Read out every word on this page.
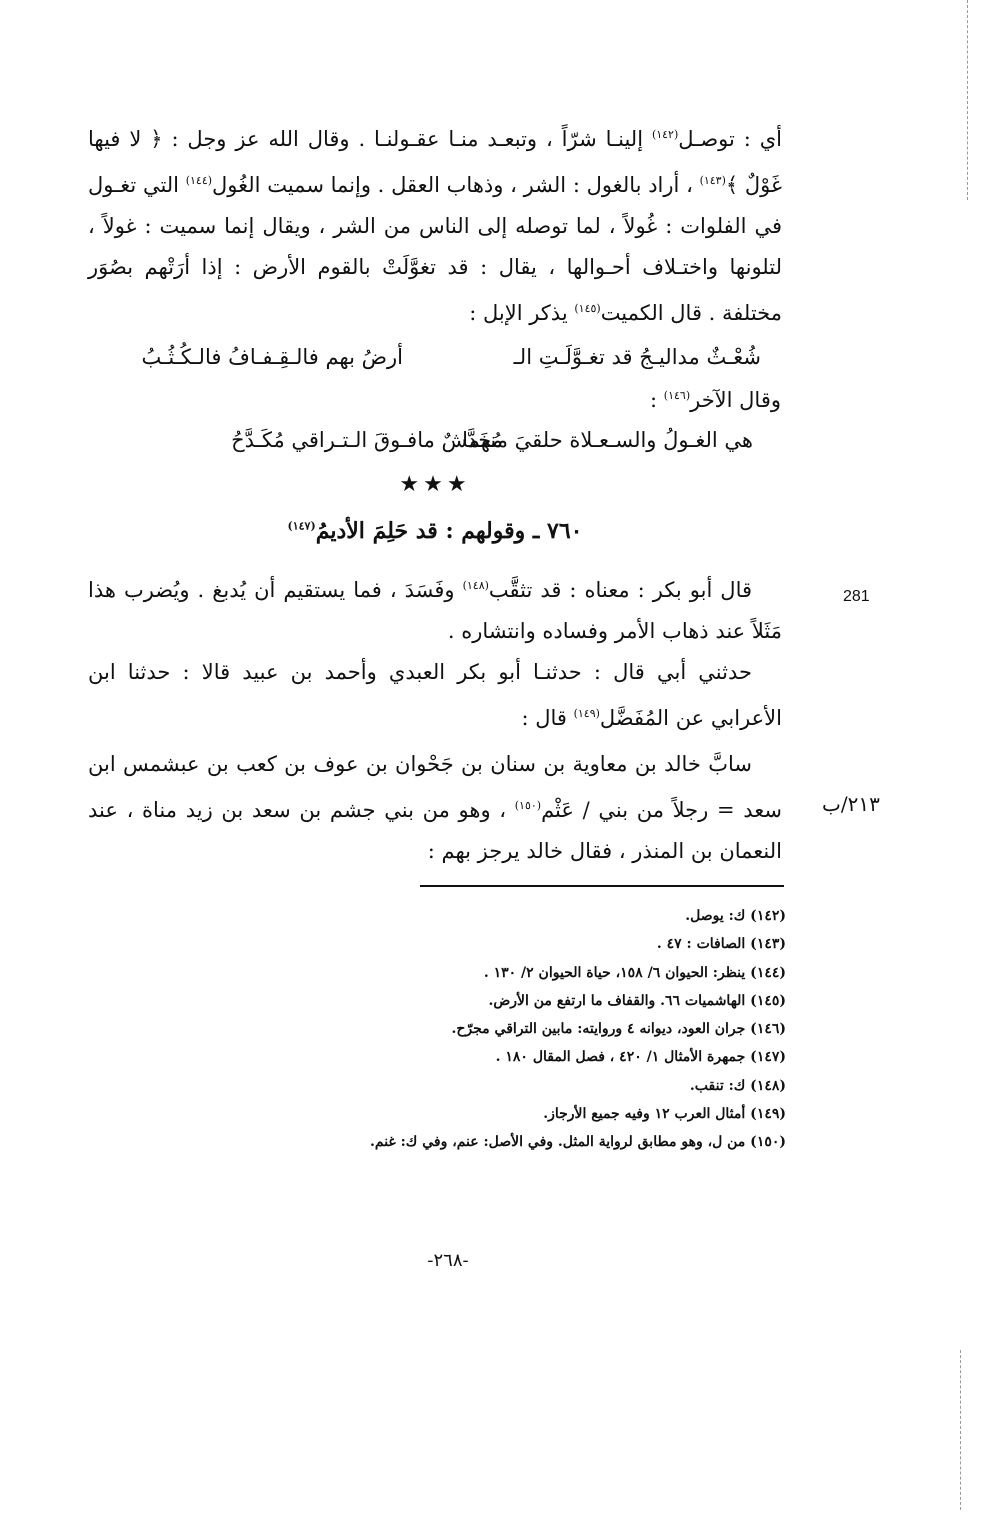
أي : توصـل$^{(١٤٢)}$ إلينـا شرّاً ، وتبعـد منـا عقـولنـا . وقال الله عز وجل : ﴿ لا فيها غَوْلٌ ﴾$^{(١٤٣)}$ ، أراد بالغول : الشر ، وذهاب العقل . وإنما سميت الغُول$^{(١٤٤)}$ التي تغـول في الفلوات : غُولاً ، لما توصله إلى الناس من الشر ، ويقال إنما سميت : غولاً ، لتلونها واختـلاف أحـوالها ، يقال : قد تغوَّلَتْ بالقوم الأرض : إذا أرَتْهم بصُوَر مختلفة . قال الكميت$^{(١٤٥)}$ يذكر الإبل :

شُعْـثٌ مداليـجُ قد تغـوَّلَـتِ الـ
أرضُ بهم فالـقِـفـافُ فالـكُـثُـبُ
وقال الآخر$^{(١٤٦)}$ :
هي الغـولُ والسـعـلاة حلقيَ منهما
مُخَدَّشٌ مافـوقَ الـتـراقي مُكَـدَّحُ
★★★
٧٦٠ ـ وقولهم : قد حَلِمَ الأديمُ$^{(١٤٧)}$
281

قال أبو بكر : معناه : قد تثقَّب$^{(١٤٨)}$ وفَسَدَ ، فما يستقيم أن يُدبغ . ويُضرب هذا مَثَلاً عند ذهاب الأمر وفساده وانتشاره .

حدثني أبي قال : حدثنـا أبو بكر العبدي وأحمد بن عبيد قالا : حدثنا ابن الأعرابي عن المُفَضَّل$^{(١٤٩)}$ قال :

سابَّ خالد بن معاوية بن سنان بن جَحْوان بن عوف بن كعب بن عبشمس ابن سعد = رجلاً من بني / عَثْم$^{(١٥٠)}$ ، وهو من بني جشم بن سعد بن زيد مناة ، عند النعمان بن المنذر ، فقال خالد يرجز بهم :

٢١٣/ب
(١٤٢) ك: يوصل.
(١٤٣) الصافات : ٤٧ .
(١٤٤) ينظر: الحيوان ٦/ ١٥٨، حياة الحيوان ٢/ ١٣٠ .
(١٤٥) الهاشميات ٦٦. والقفاف ما ارتفع من الأرض.
(١٤٦) جران العود، ديوانه ٤ وروايته: مابين التراقي مجرّح.
(١٤٧) جمهرة الأمثال ١/ ٤٢٠ ، فصل المقال ١٨٠ .
(١٤٨) ك: تنقب.
(١٤٩) أمثال العرب ١٢ وفيه جميع الأرجاز.
(١٥٠) من ل، وهو مطابق لرواية المثل. وفي الأصل: عنم، وفي ك: غنم.
-٢٦٨-
